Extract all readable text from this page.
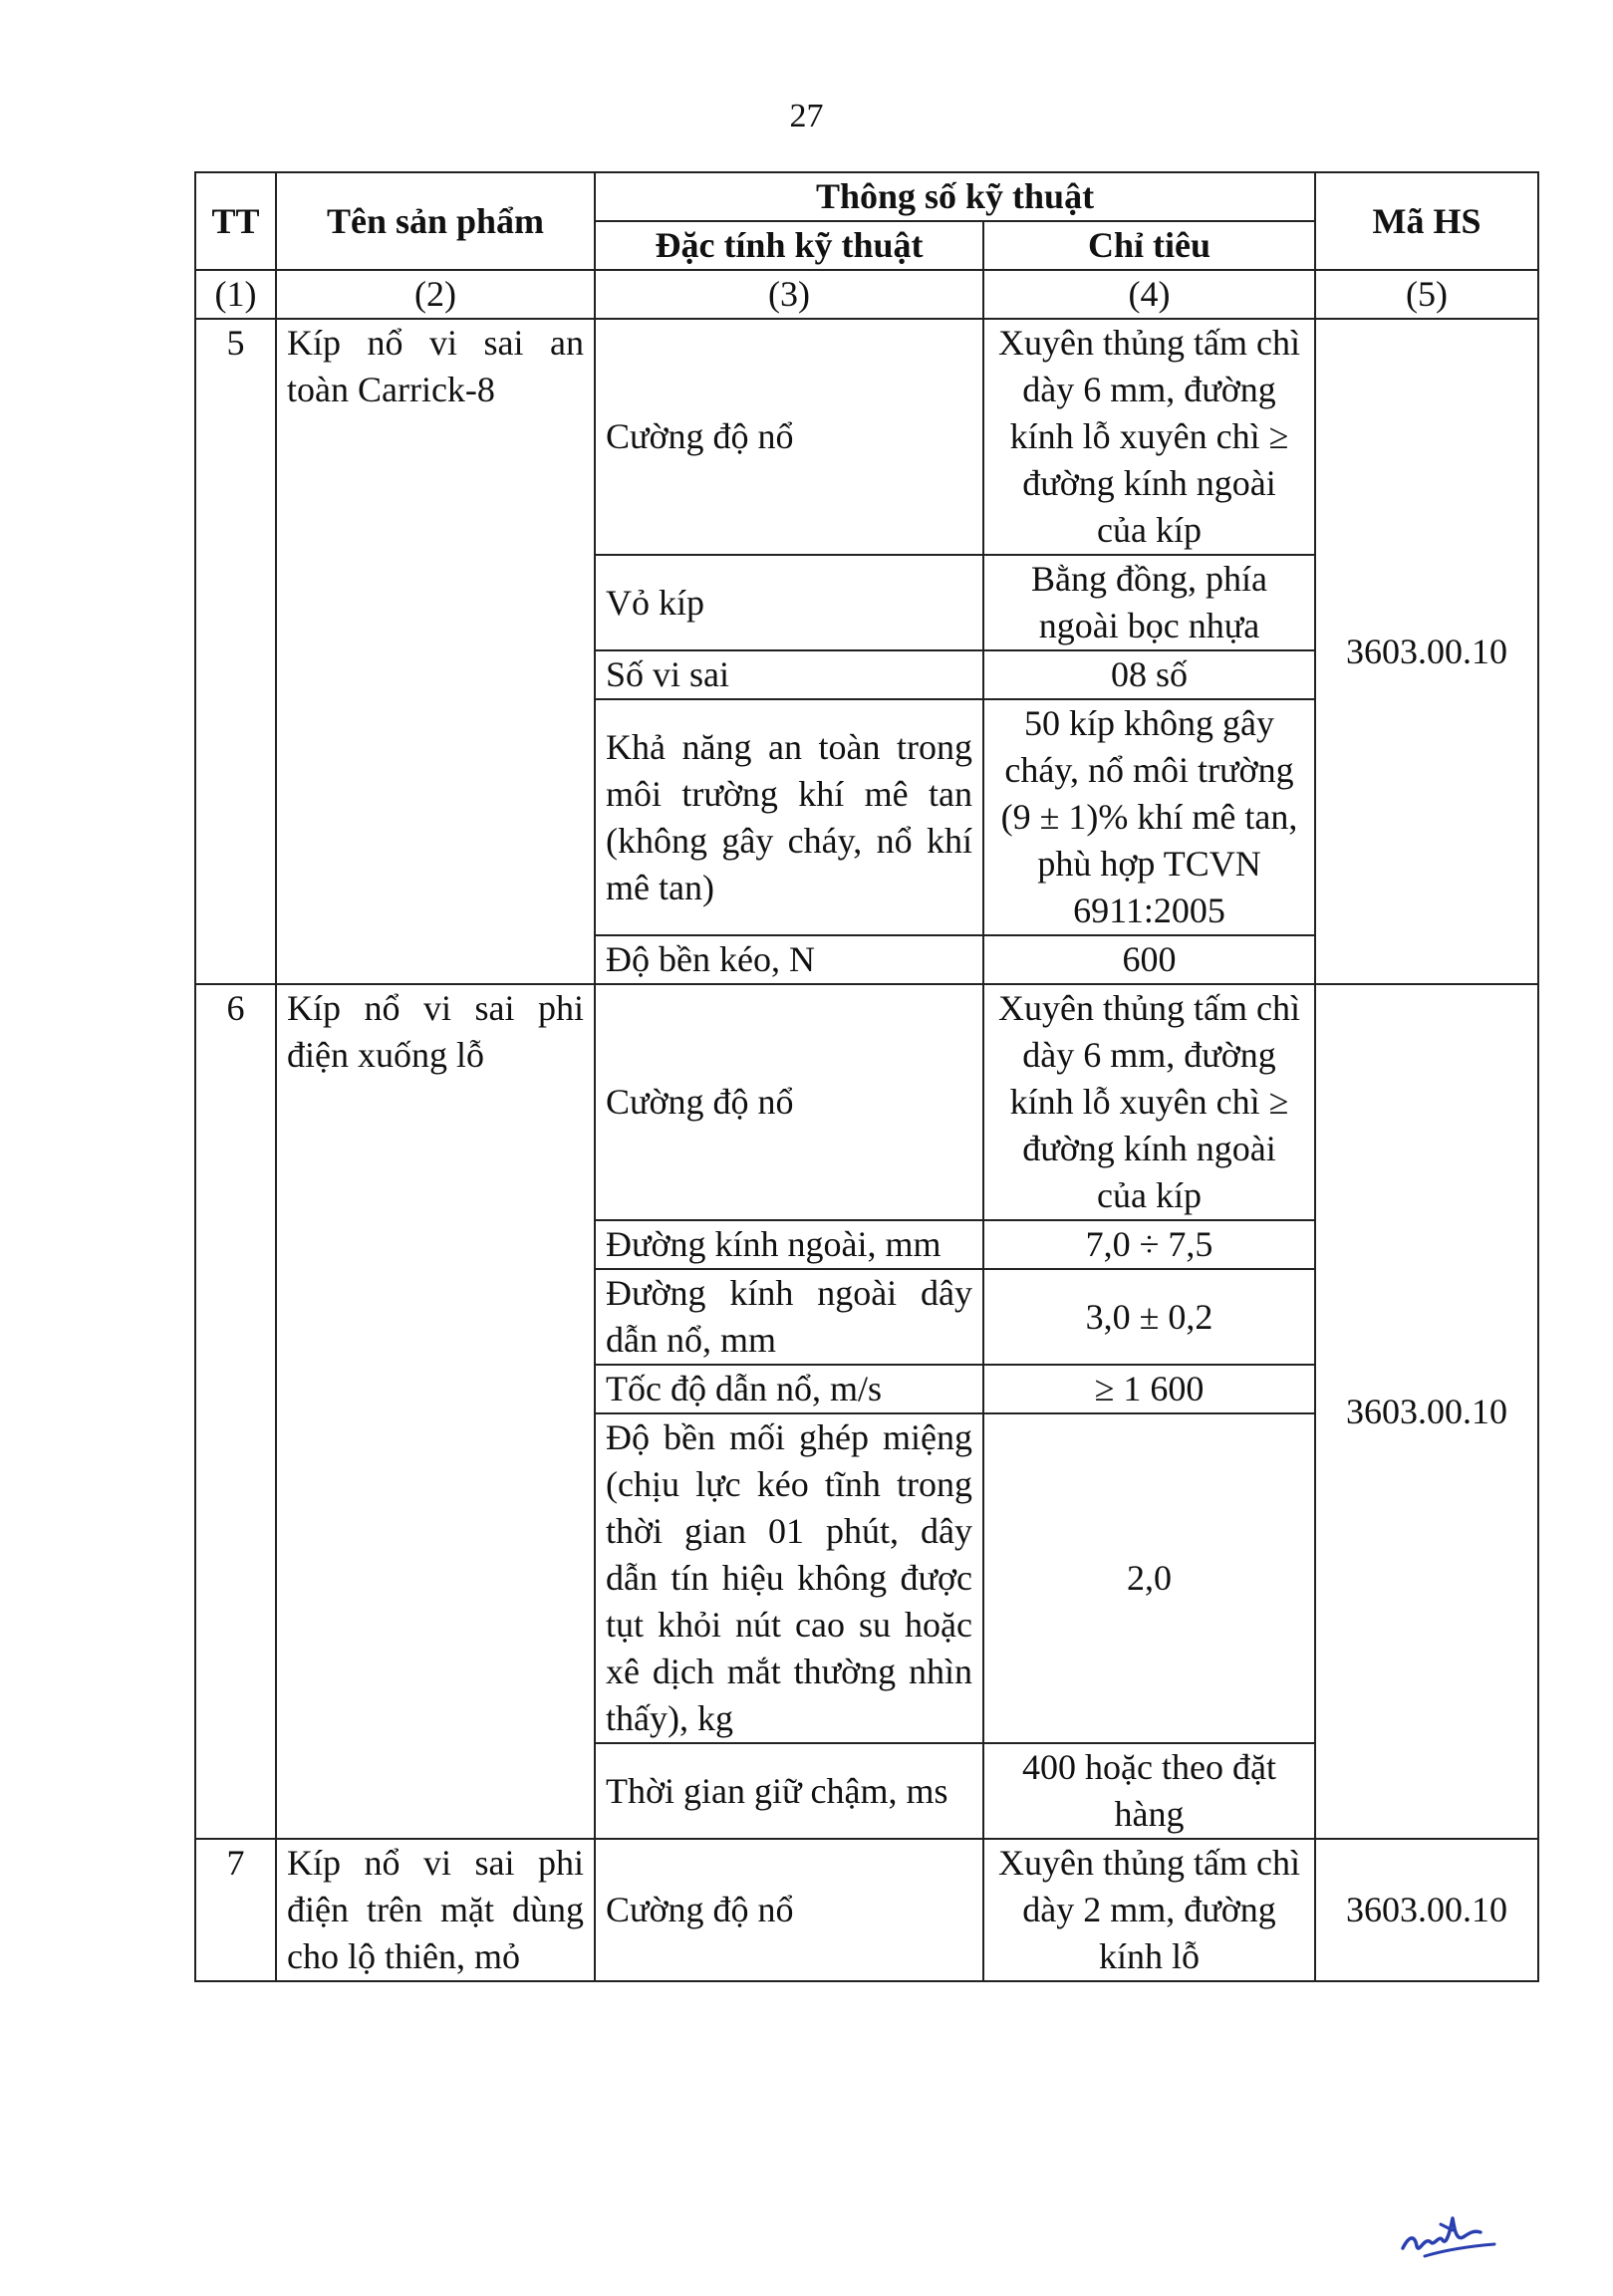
27
TT	Tên sản phẩm	Thông số kỹ thuật		Mã HS
		Đặc tính kỹ thuật	Chỉ tiêu	
(1)	(2)	(3)	(4)	(5)
5	Kíp nổ vi sai an toàn Carrick-8	Cường độ nổ	Xuyên thủng tấm chì dày 6 mm, đường kính lỗ xuyên chì ≥ đường kính ngoài của kíp	3603.00.10
		Vỏ kíp	Bằng đồng, phía ngoài bọc nhựa	
		Số vi sai	08 số	
		Khả năng an toàn trong môi trường khí mê tan (không gây cháy, nổ khí mê tan)	50 kíp không gây cháy, nổ môi trường (9 ± 1)% khí mê tan, phù hợp TCVN 6911:2005	
		Độ bền kéo, N	600	
6	Kíp nổ vi sai phi điện xuống lỗ	Cường độ nổ	Xuyên thủng tấm chì dày 6 mm, đường kính lỗ xuyên chì ≥ đường kính ngoài của kíp	3603.00.10
		Đường kính ngoài, mm	7,0 ÷ 7,5	
		Đường kính ngoài dây dẫn nổ, mm	3,0 ± 0,2	
		Tốc độ dẫn nổ, m/s	≥ 1 600	
		Độ bền mối ghép miệng (chịu lực kéo tĩnh trong thời gian 01 phút, dây dẫn tín hiệu không được tụt khỏi nút cao su hoặc xê dịch mắt thường nhìn thấy), kg	2,0	
		Thời gian giữ chậm, ms	400 hoặc theo đặt hàng	
7	Kíp nổ vi sai phi điện trên mặt dùng cho lộ thiên, mỏ	Cường độ nổ	Xuyên thủng tấm chì dày 2 mm, đường kính lỗ	3603.00.10
